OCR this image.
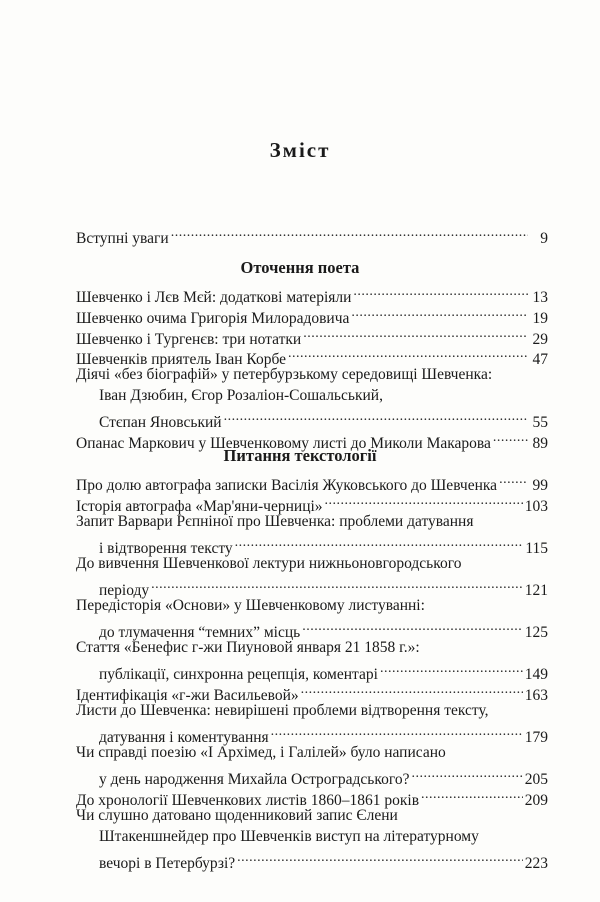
Зміст
Вступні уваги . . .	9
Оточення поета
Шевченко і Лєв Мєй: додаткові матеріяли . . .	13
Шевченко очима Григорія Милорадовича . . .	19
Шевченко і Тургенєв: три нотатки . . .	29
Шевченків приятель Іван Корбе . . .	47
Діячі «без біографій» у петербурзькому середовищі Шевченка:
Іван Дзюбин, Єгор Розаліон-Сошальський,
Стєпан Яновський . . .	55
Опанас Маркович у Шевченковому листі до Миколи Макарова . . .	89
Питання текстології
Про долю автографа записки Васілія Жуковського до Шевченка . . . 99
Історія автографа «Мар'яни-черниці» . . .	103
Запит Варвари Рєпніної про Шевченка: проблеми датування
і відтворення тексту . . .	115
До вивчення Шевченкової лектури нижньоновгородського
періоду . . .	121
Передісторія «Основи» у Шевченковому листуванні:
до тлумачення “темних” місць . . .	125
Стаття «Бенефис г-жи Пиуновой января 21 1858 г.»:
публікації, синхронна рецепція, коментарі . . .	149
Ідентифікація «г-жи Васильевой» . . .	163
Листи до Шевченка: невирішені проблеми відтворення тексту,
датування і коментування . . .	179
Чи справді поезію «І Архімед, і Галілей» було написано
у день народження Михайла Остроградського? . . .	205
До хронології Шевченкових листів 1860–1861 років . . .	209
Чи слушно датовано щоденниковий запис Єлени
Штакеншнейдер про Шевченків виступ на літературному
вечорі в Петербурзі? . . .	223
